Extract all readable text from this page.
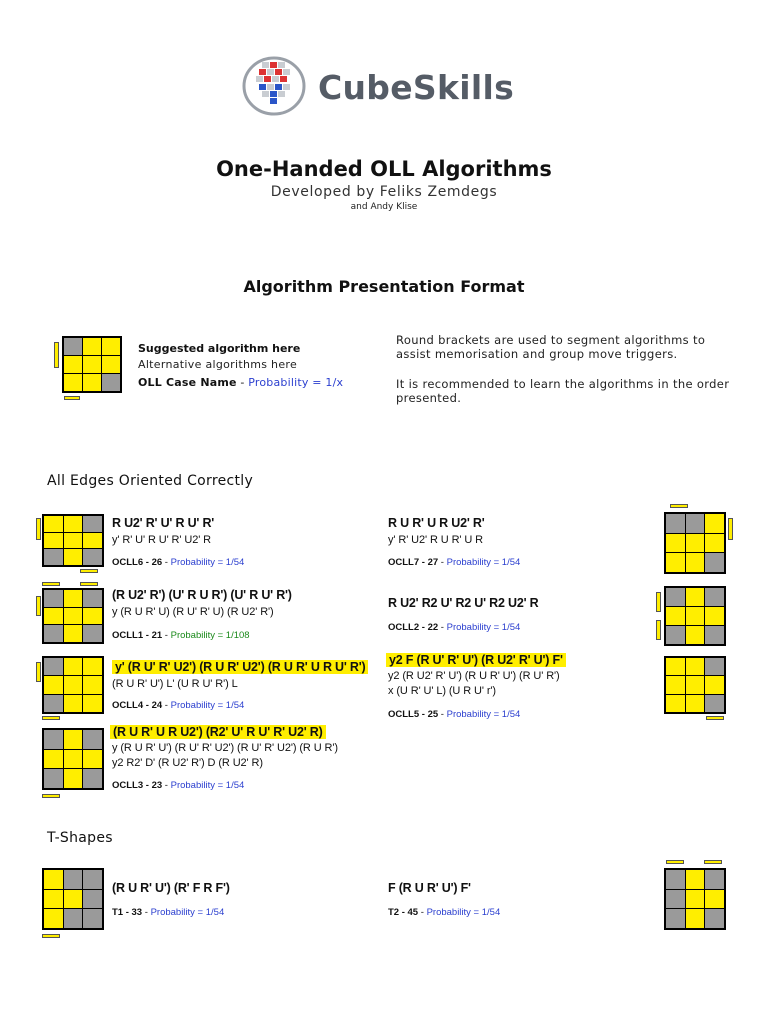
CubeSkills
One-Handed OLL Algorithms
Developed by Feliks Zemdegs
and Andy Klise
Algorithm Presentation Format
Suggested algorithm here
Alternative algorithms here
OLL Case Name - Probability = 1/x
Round brackets are used to segment algorithms to assist memorisation and group move triggers.
It is recommended to learn the algorithms in the order presented.
All Edges Oriented Correctly
R U2' R' U' R U' R'
y' R' U' R U' R' U2' R
OCLL6 - 26 - Probability = 1/54
R U R' U R U2' R'
y' R' U2' R U R' U R
OCLL7 - 27 - Probability = 1/54
(R U2' R') (U' R U R') (U' R U' R')
y (R U R' U) (R U' R' U) (R U2' R')
OCLL1 - 21 - Probability = 1/108
R U2' R2 U' R2 U' R2 U2' R
OCLL2 - 22 - Probability = 1/54
y' (R U' R' U2') (R U R' U2') (R U R' U R U' R')
(R U R' U') L' (U R U' R') L
OCLL4 - 24 - Probability = 1/54
y2 F (R U' R' U') (R U2' R' U') F'
y2 (R U2' R' U') (R U R' U') (R U' R')
x (U R' U' L) (U R U' r')
OCLL5 - 25 - Probability = 1/54
(R U R' U R U2') (R2' U' R U' R' U2' R)
y (R U R' U') (R U' R' U2') (R U' R' U2') (R U R')
y2 R2' D' (R U2' R') D (R U2' R)
OCLL3 - 23 - Probability = 1/54
T-Shapes
(R U R' U') (R' F R F')
T1 - 33 - Probability = 1/54
F (R U R' U') F'
T2 - 45 - Probability = 1/54
